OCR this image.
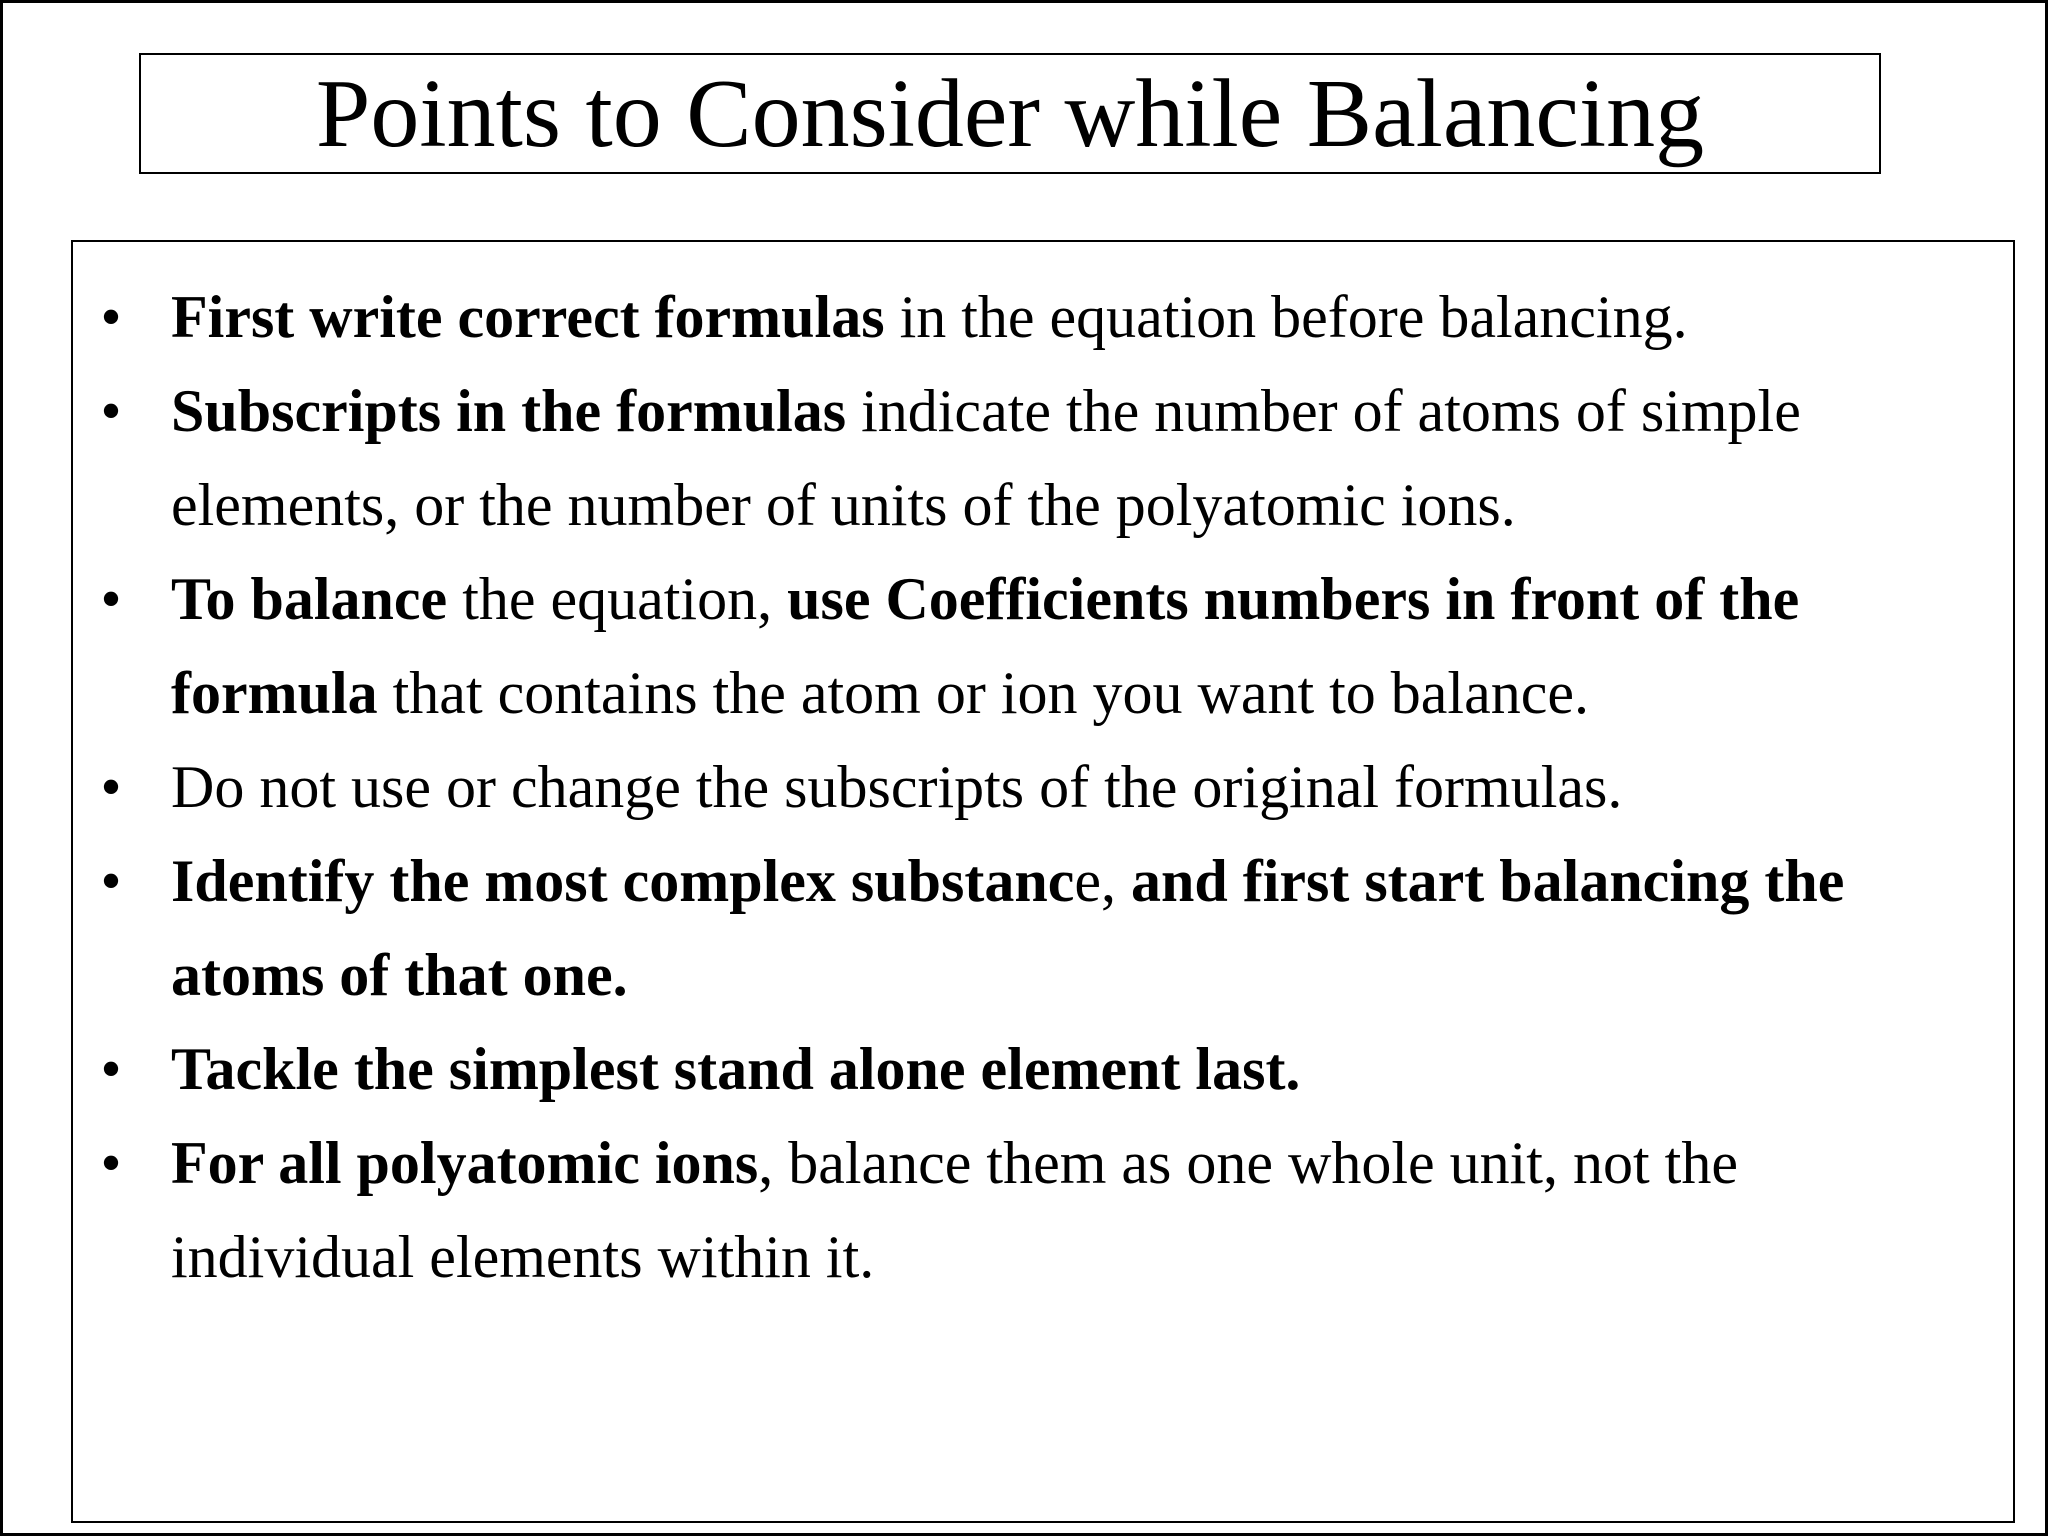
Points to Consider while Balancing
• First write correct formulas in the equation before balancing.
• Subscripts in the formulas indicate the number of atoms of simple elements, or the number of units of the polyatomic ions.
• To balance the equation, use Coefficients numbers in front of the formula that contains the atom or ion you want to balance.
• Do not use or change the subscripts of the original formulas.
• Identify the most complex substance, and first start balancing the atoms of that one.
• Tackle the simplest stand alone element last.
• For all polyatomic ions, balance them as one whole unit, not the individual elements within it.
